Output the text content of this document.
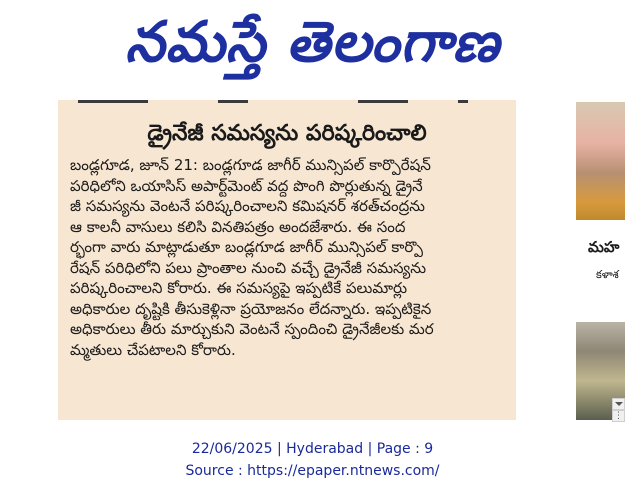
నమస్తే తెలంగాణ
డ్రైనేజీ సమస్యను పరిష్కరించాలి
బండ్లగూడ, జూన్ 21: బండ్లగూడ జాగీర్ మున్సిపల్ కార్పొరేషన్
పరిధిలోని ఒయాసిస్ అపార్ట్‌మెంట్ వద్ద పొంగి పొర్లుతున్న డ్రైనే
జీ సమస్యను వెంటనే పరిష్కరించాలని కమిషనర్ శరత్‌చంద్రను
ఆ కాలనీ వాసులు కలిసి వినతిపత్రం అందజేశారు. ఈ సంద
ర్భంగా వారు మాట్లాడుతూ బండ్లగూడ జాగీర్ మున్సిపల్ కార్పొ
రేషన్ పరిధిలోని పలు ప్రాంతాల నుంచి వచ్చే డ్రైనేజీ సమస్యను
పరిష్కరించాలని కోరారు. ఈ సమస్యపై ఇప్పటికే పలుమార్లు
అధికారుల దృష్టికి తీసుకెళ్లినా ప్రయోజనం లేదన్నారు. ఇప్పటికైన
అధికారులు తీరు మార్చుకుని వెంటనే స్పందించి డ్రైనేజీలకు మర
మ్మతులు చేపటాలని కోరారు.
మహ
కళాశ
⋮
22/06/2025 | Hyderabad | Page : 9
Source : https://epaper.ntnews.com/
